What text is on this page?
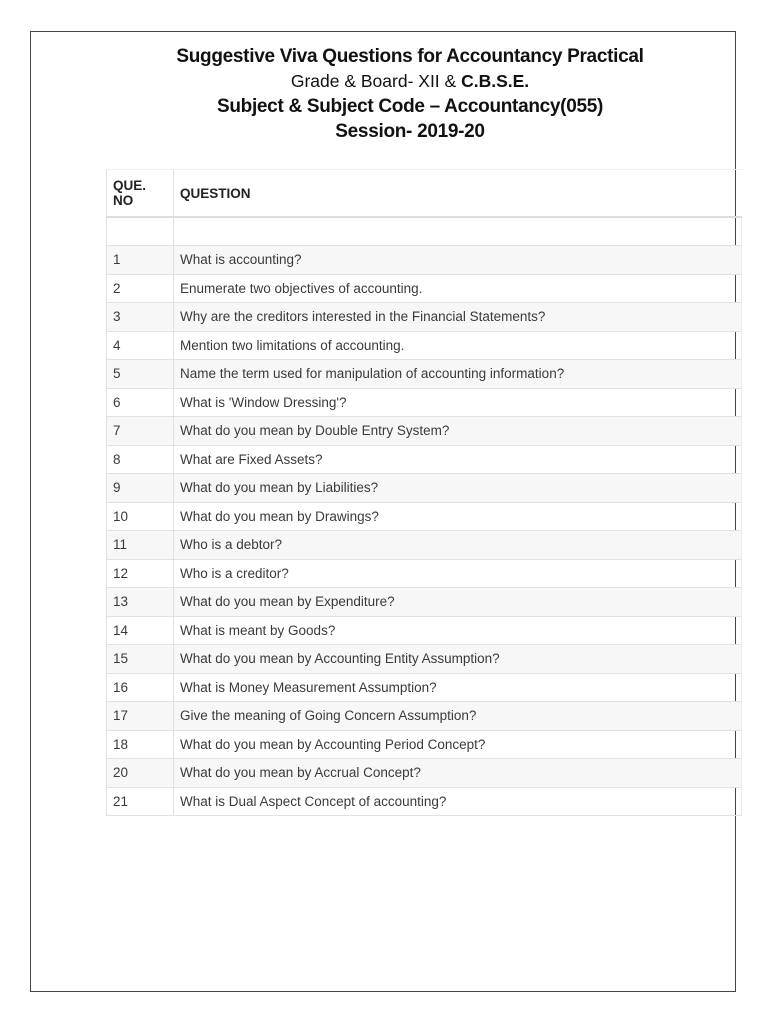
Suggestive Viva Questions for Accountancy Practical
Grade & Board- XII & C.B.S.E.
Subject & Subject Code – Accountancy(055)
Session- 2019-20
QUE.
NO	QUESTION

1	What is accounting?
2	Enumerate two objectives of accounting.
3	Why are the creditors interested in the Financial Statements?
4	Mention two limitations of accounting.
5	Name the term used for manipulation of accounting information?
6	What is 'Window Dressing'?
7	What do you mean by Double Entry System?
8	What are Fixed Assets?
9	What do you mean by Liabilities?
10	What do you mean by Drawings?
11	Who is a debtor?
12	Who is a creditor?
13	What do you mean by Expenditure?
14	What is meant by Goods?
15	What do you mean by Accounting Entity Assumption?
16	What is Money Measurement Assumption?
17	Give the meaning of Going Concern Assumption?
18	What do you mean by Accounting Period Concept?
20	What do you mean by Accrual Concept?
21	What is Dual Aspect Concept of accounting?
